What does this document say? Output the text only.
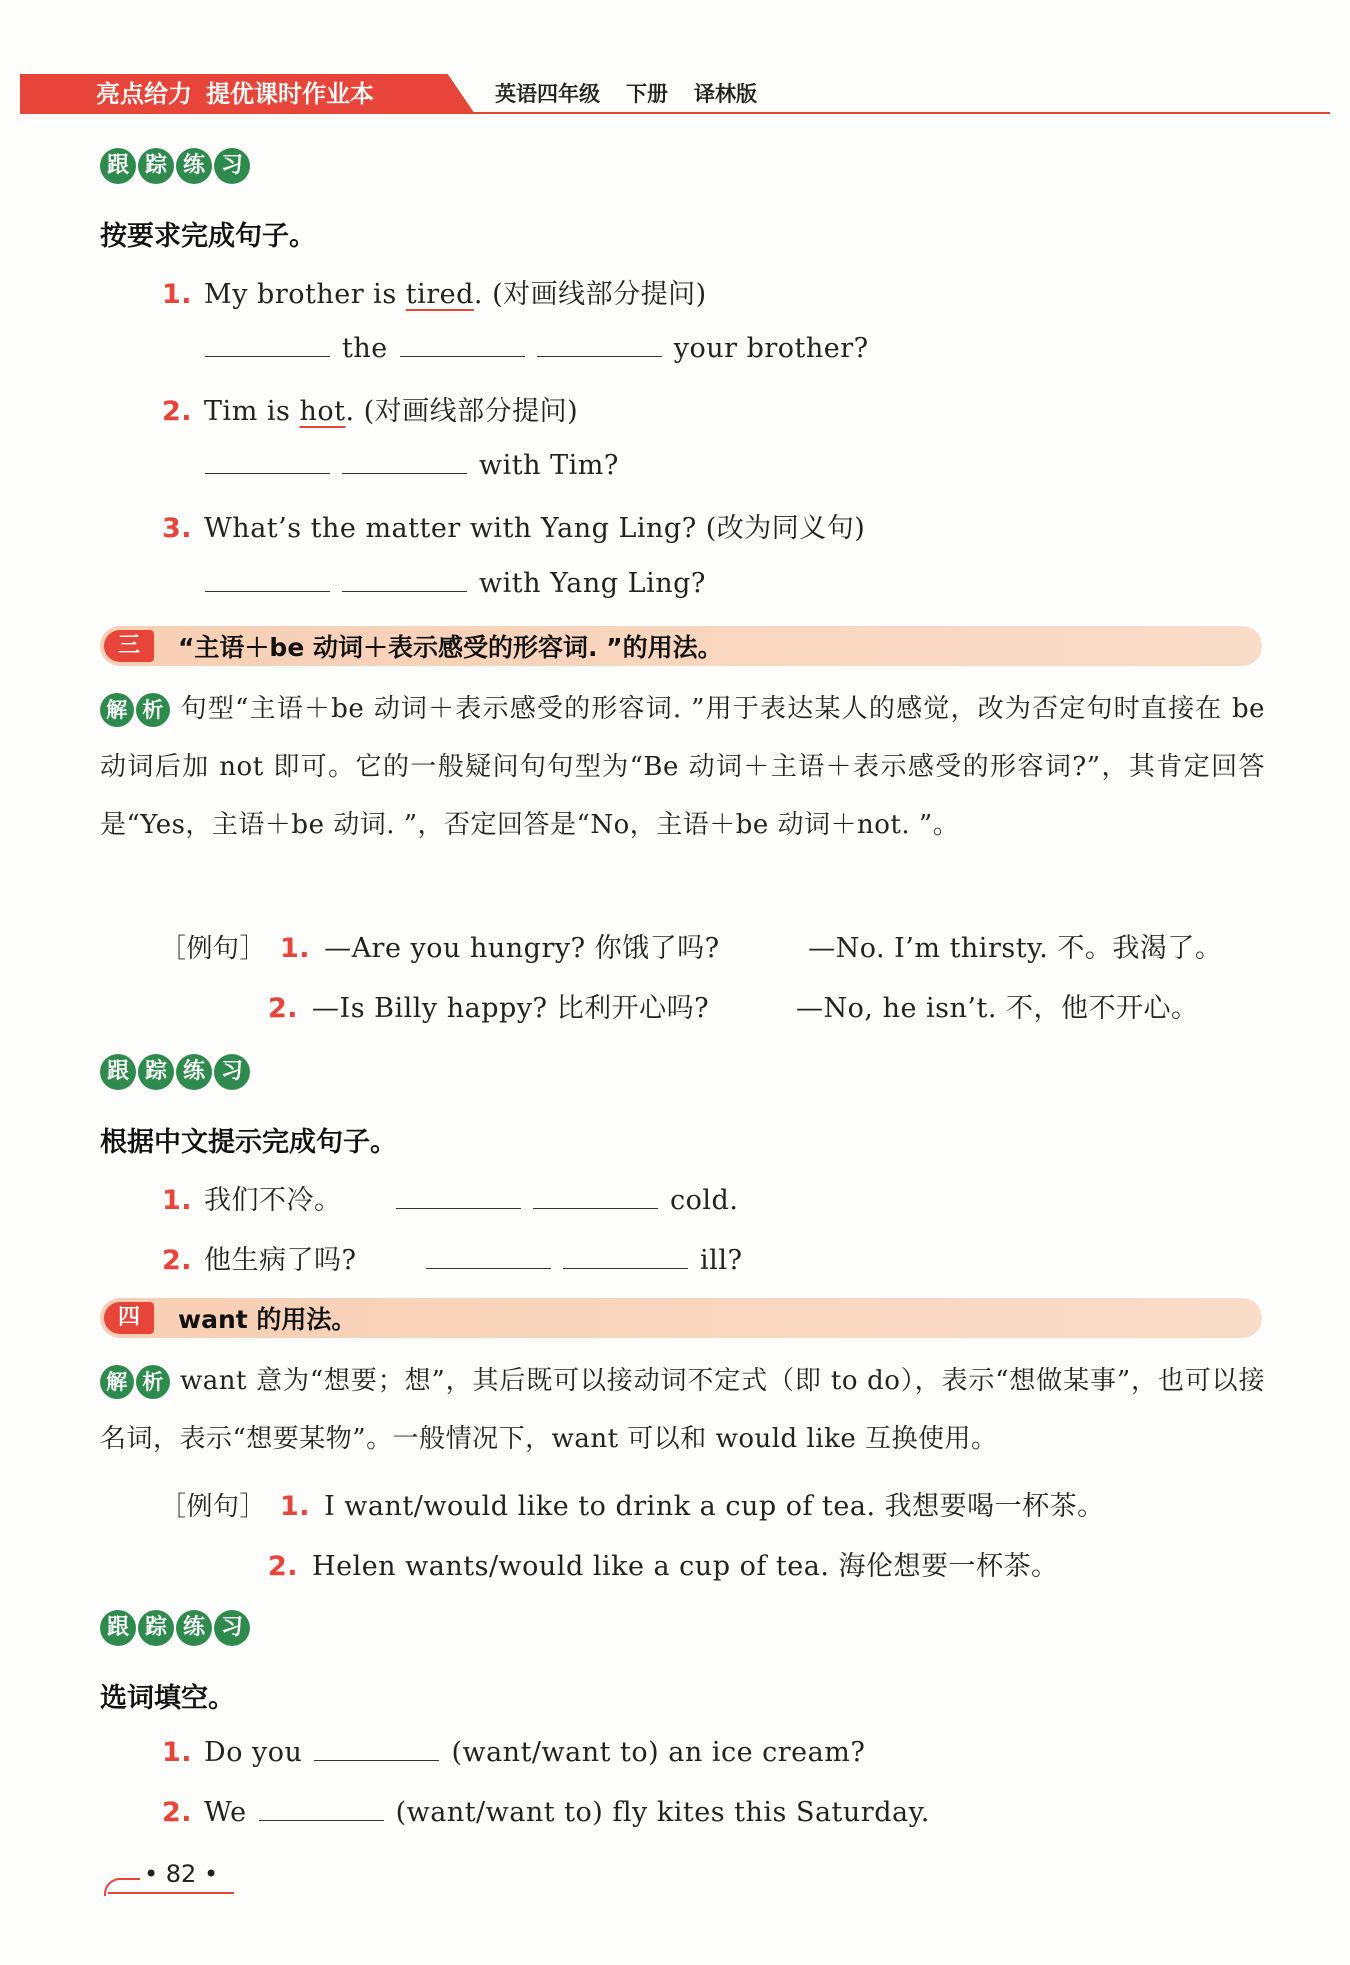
亮点给力 提优课时作业本	英语四年级 下册 译林版
跟 踪 练 习
按要求完成句子。
1. My brother is tired. (对画线部分提问)
the	your brother?
2. Tim is hot. (对画线部分提问)
with Tim?
3. What’s the matter with Yang Ling? (改为同义句)
with Yang Ling?
三	“主语＋be 动词＋表示感受的形容词. ”的用法。
解 析 句型“主语＋be 动词＋表示感受的形容词. ”用于表达某人的感觉，改为否定句时直接在 be 动词后加 not 即可。它的一般疑问句句型为“Be 动词＋主语＋表示感受的形容词?”，其肯定回答是“Yes，主语＋be 动词. ”，否定回答是“No，主语＋be 动词＋not. ”。
［例句］ 1. —Are you hungry? 你饿了吗?	—No. I’m thirsty. 不。我渴了。
2. —Is Billy happy? 比利开心吗?	—No, he isn’t. 不，他不开心。
跟 踪 练 习
根据中文提示完成句子。
1. 我们不冷。	cold.
2. 他生病了吗?	ill?
四	want 的用法。
解 析 want 意为“想要；想”，其后既可以接动词不定式（即 to do），表示“想做某事”，也可以接名词，表示“想要某物”。一般情况下，want 可以和 would like 互换使用。
［例句］ 1. I want/would like to drink a cup of tea. 我想要喝一杯茶。
2. Helen wants/would like a cup of tea. 海伦想要一杯茶。
跟 踪 练 习
选词填空。
1. Do you	(want/want to) an ice cream?
2. We	(want/want to) fly kites this Saturday.
• 82 •
